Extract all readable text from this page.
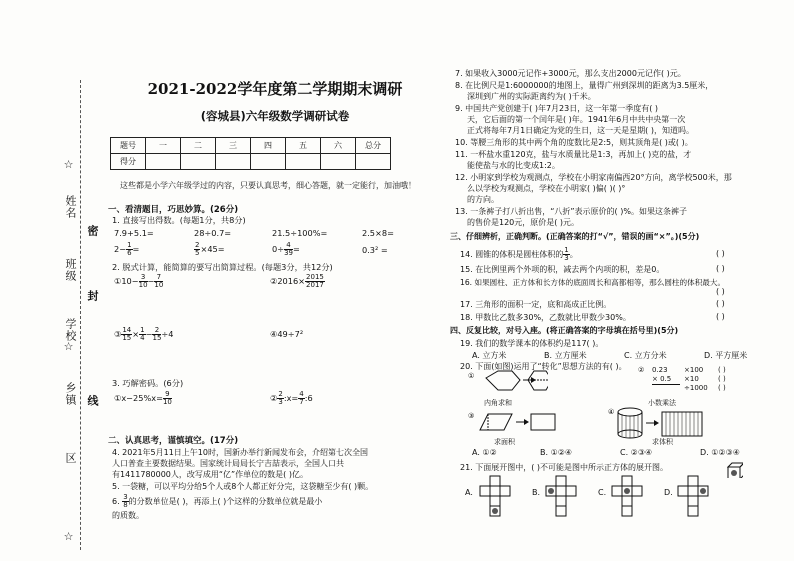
姓名
班级
学校
乡镇
区
密
封
线
☆
☆
☆
2021-2022学年度第二学期期末调研
(容城县)六年级数学调研试卷
题号	一	二	三	四	五	六	总分
得分							
这些都是小学六年级学过的内容，只要认真思考，细心答题，就一定能行，加油哦！
一、看清题目，巧思妙算。(26分)
1. 直接写出得数。(每题1分，共8分)
7.9+5.1=	28÷0.7=	21.5÷100%=	2.5×8=
$2- \frac{1}{6}$ =	$\frac{2}{5} \times 45=$	$0\div \frac{4}{39}$ =	0.3² =
2. 脱式计算，能简算的要写出简算过程。(每题3分，共12分)
①10− $\frac{3}{10} - \frac{7}{10}$	②2016× $\frac{2015}{2017}$
③ $\frac{14}{15} \times \frac{1}{4} - \frac{2}{15} \div 4$	④49÷7²
3. 巧解密码。(6分)
①x−25%x= $\frac{9}{10}$	② $\frac{2}{3}$ :x= $\frac{4}{7}$ :6
二、认真思考，谨慎填空。(17分)
4. 2021年5月11日上午10时，国新办举行新闻发布会，介绍第七次全国
人口普查主要数据结果。国家统计局局长宁吉喆表示，全国人口共
有1411780000人，改写成用“亿”作单位的数是( )亿。
5. 一袋糖，可以平均分给5个人或8个人都正好分完，这袋糖至少有( )颗。
6. $\frac{3}{8}$ 的分数单位是( )，再添上( )个这样的分数单位就是最小
的质数。
7. 如果收入3000元记作+3000元，那么支出2000元记作( )元。
8. 在比例尺是1:6000000的地图上，量得广州到深圳的距离为3.5厘米，
深圳到广州的实际距离约为( )千米。
9. 中国共产党创建于( )年7月23日，这一年第一季度有( )
天，它后面的第一个闰年是( )年。1941年6月中共中央第一次
正式将每年7月1日确定为党的生日，这一天是星期( )，知道吗。
10. 等腰三角形的其中两个角的度数比是2:5，则其顶角是( )或( )。
11. 一杯盐水重120克，盐与水质量比是1:3，再加上( )克的盐，才
能使盐与水的比变成1:2。
12. 小明家到学校为观测点，学校在小明家南偏西20°方向，离学校500米，那
么以学校为观测点，学校在小明家( )偏( )( )°
的方向。
13. 一条裤子打八折出售，“八折”表示原价的( )%。如果这条裤子
的售价是120元，原价是( )元。
三、仔细辨析，正确判断。(正确答案的打“√”，错误的画“×”。)(5分)
14. 圆锥的体积是圆柱体积的 $\frac{1}{3}$ 。	( )
15. 在比例里两个外项的积，减去两个内项的积，差是0。	( )
16. 如果圆柱、正方体和长方体的底面周长和高都相等，那么圆柱的体积最大。
( )
17. 三角形的面积一定，底和高成正比例。	( )
18. 甲数比乙数多30%，乙数就比甲数少30%。	( )
四、反复比较，对号入座。(将正确答案的字母填在括号里)(5分)
19. 我们的数学课本的体积约是117( )。
A. 立方米	B. 立方厘米	C. 立方分米	D. 平方厘米
20. 下面(如图)运用了“转化”思想方法的有( )。
①
内角求和
② 0.23
× 0.5
×100
×10
÷1000
( )
( )
( )
小数乘法
③
求面积
④
求体积
A. ①②	B. ①②④	C. ②③④	D. ①②③④
21. 下面展开图中，( )不可能是图中所示正方体的展开图。
A.	B.	C.	D.
